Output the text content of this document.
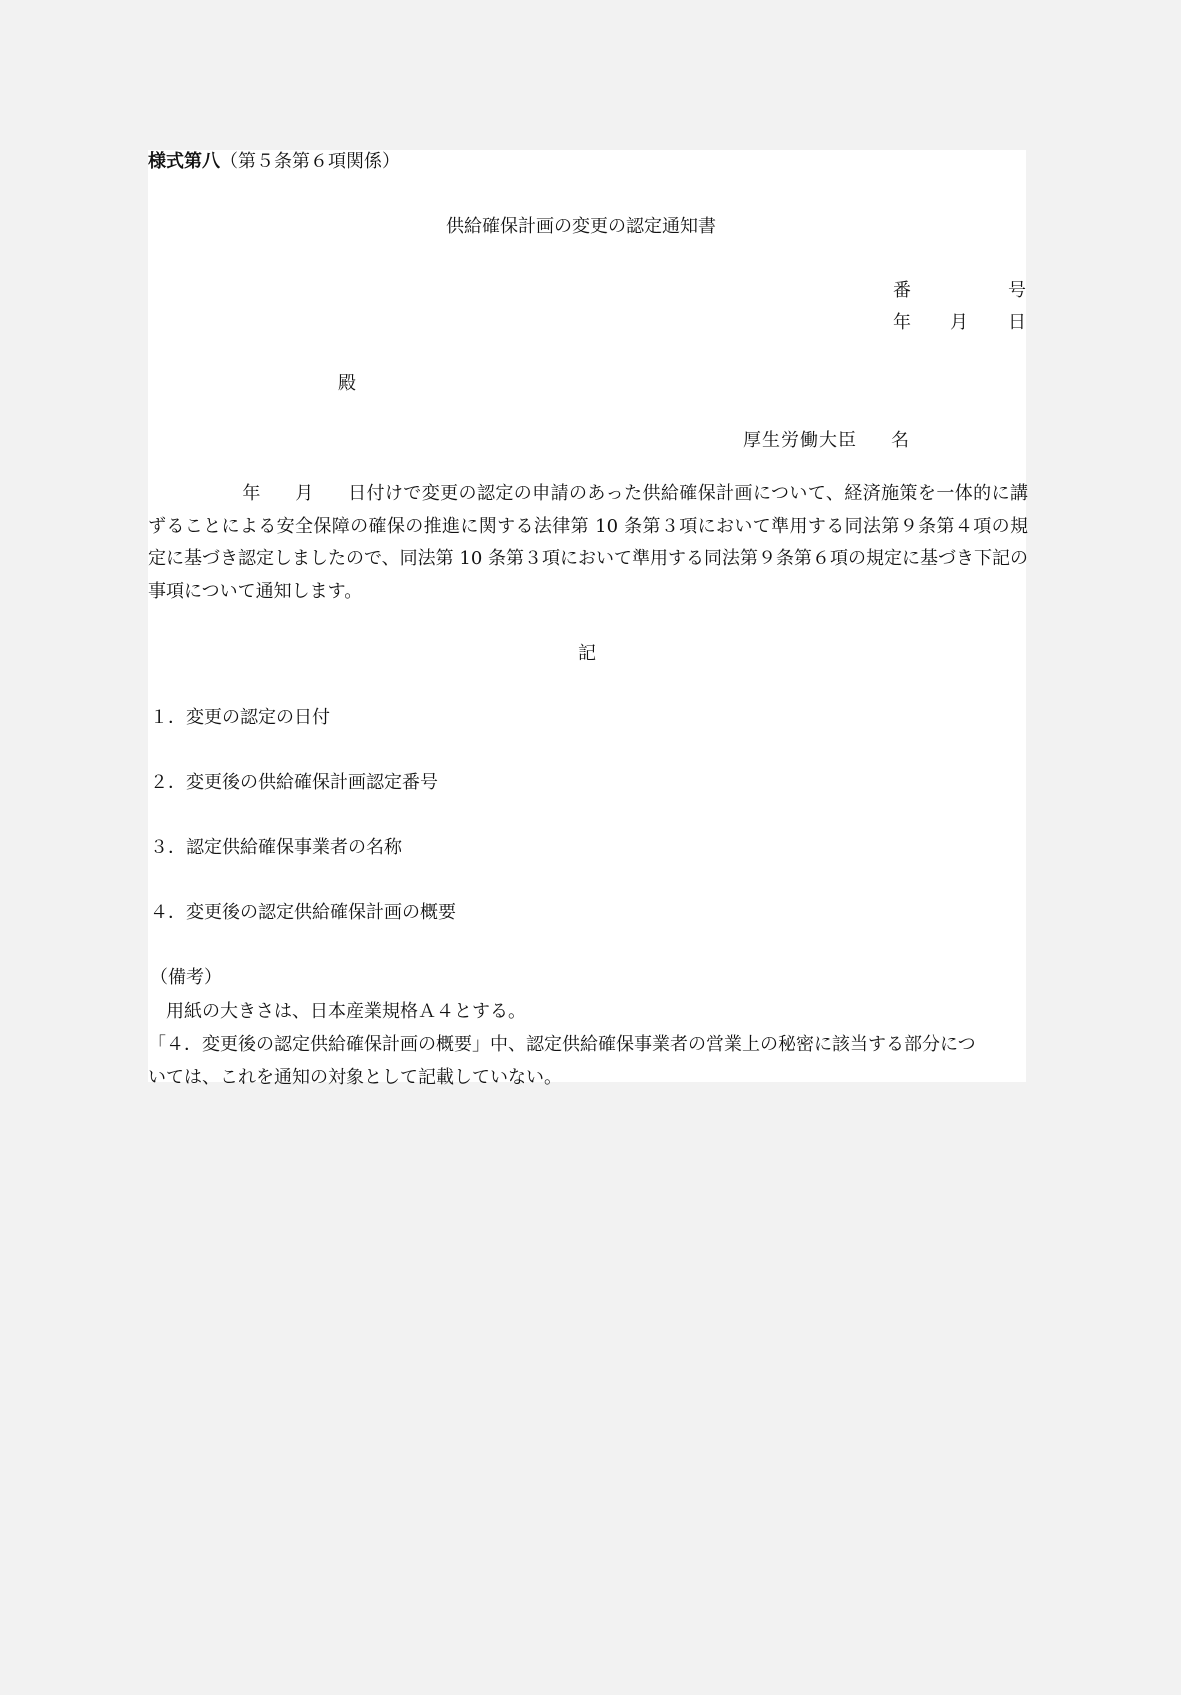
様式第八（第５条第６項関係）
供給確保計画の変更の認定通知書
番	号
年 月 日
殿
厚生労働大臣 名

年 月 日付けで変更の認定の申請のあった供給確保計画について、経済施策を一体的に講ずることによる安全保障の確保の推進に関する法律第 10 条第３項において準用する同法第９条第４項の規定に基づき認定しましたので、同法第 10 条第３項において準用する同法第９条第６項の規定に基づき下記の事項について通知します。

記
１．変更の認定の日付
２．変更後の供給確保計画認定番号
３．認定供給確保事業者の名称
４．変更後の認定供給確保計画の概要
（備考）
用紙の大きさは、日本産業規格Ａ４とする。
「４．変更後の認定供給確保計画の概要」中、認定供給確保事業者の営業上の秘密に該当する部分につ
いては、これを通知の対象として記載していない。
